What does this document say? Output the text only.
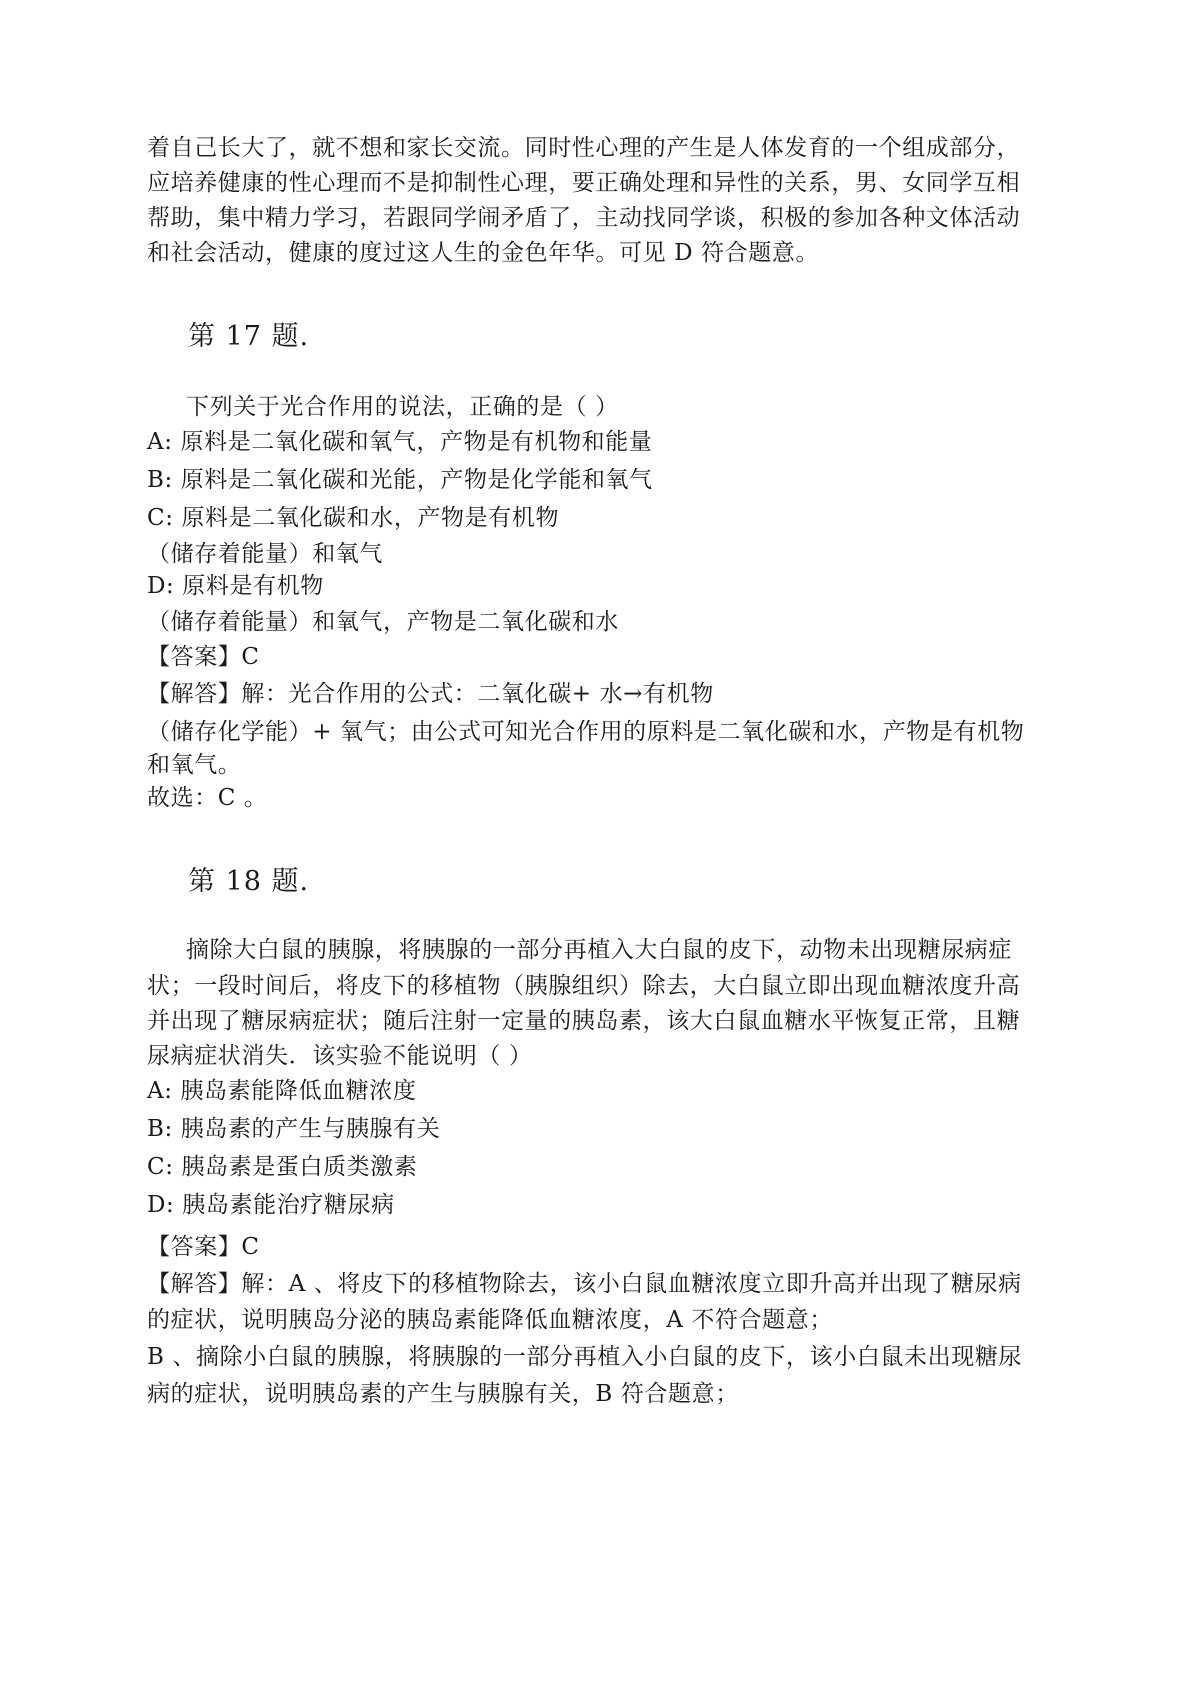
着自己长大了，就不想和家长交流。同时性心理的产生是人体发育的一个组成部分，
应培养健康的性心理而不是抑制性心理，要正确处理和异性的关系，男、女同学互相
帮助，集中精力学习，若跟同学闹矛盾了，主动找同学谈，积极的参加各种文体活动
和社会活动，健康的度过这人生的金色年华。可见 D 符合题意。
第 17 题.
下列关于光合作用的说法，正确的是（ ）
A: 原料是二氧化碳和氧气，产物是有机物和能量
B: 原料是二氧化碳和光能，产物是化学能和氧气
C: 原料是二氧化碳和水，产物是有机物
（储存着能量）和氧气
D: 原料是有机物
（储存着能量）和氧气，产物是二氧化碳和水
【答案】C
【解答】解：光合作用的公式：二氧化碳+ 水→有机物
（储存化学能）+ 氧气；由公式可知光合作用的原料是二氧化碳和水，产物是有机物
和氧气。
故选：C 。
第 18 题.
摘除大白鼠的胰腺，将胰腺的一部分再植入大白鼠的皮下，动物未出现糖尿病症
状；一段时间后，将皮下的移植物（胰腺组织）除去，大白鼠立即出现血糖浓度升高
并出现了糖尿病症状；随后注射一定量的胰岛素，该大白鼠血糖水平恢复正常，且糖
尿病症状消失．该实验不能说明（ ）
A: 胰岛素能降低血糖浓度
B: 胰岛素的产生与胰腺有关
C: 胰岛素是蛋白质类激素
D: 胰岛素能治疗糖尿病
【答案】C
【解答】解：A 、将皮下的移植物除去，该小白鼠血糖浓度立即升高并出现了糖尿病
的症状，说明胰岛分泌的胰岛素能降低血糖浓度，A 不符合题意；
B 、摘除小白鼠的胰腺，将胰腺的一部分再植入小白鼠的皮下，该小白鼠未出现糖尿
病的症状，说明胰岛素的产生与胰腺有关，B 符合题意；
